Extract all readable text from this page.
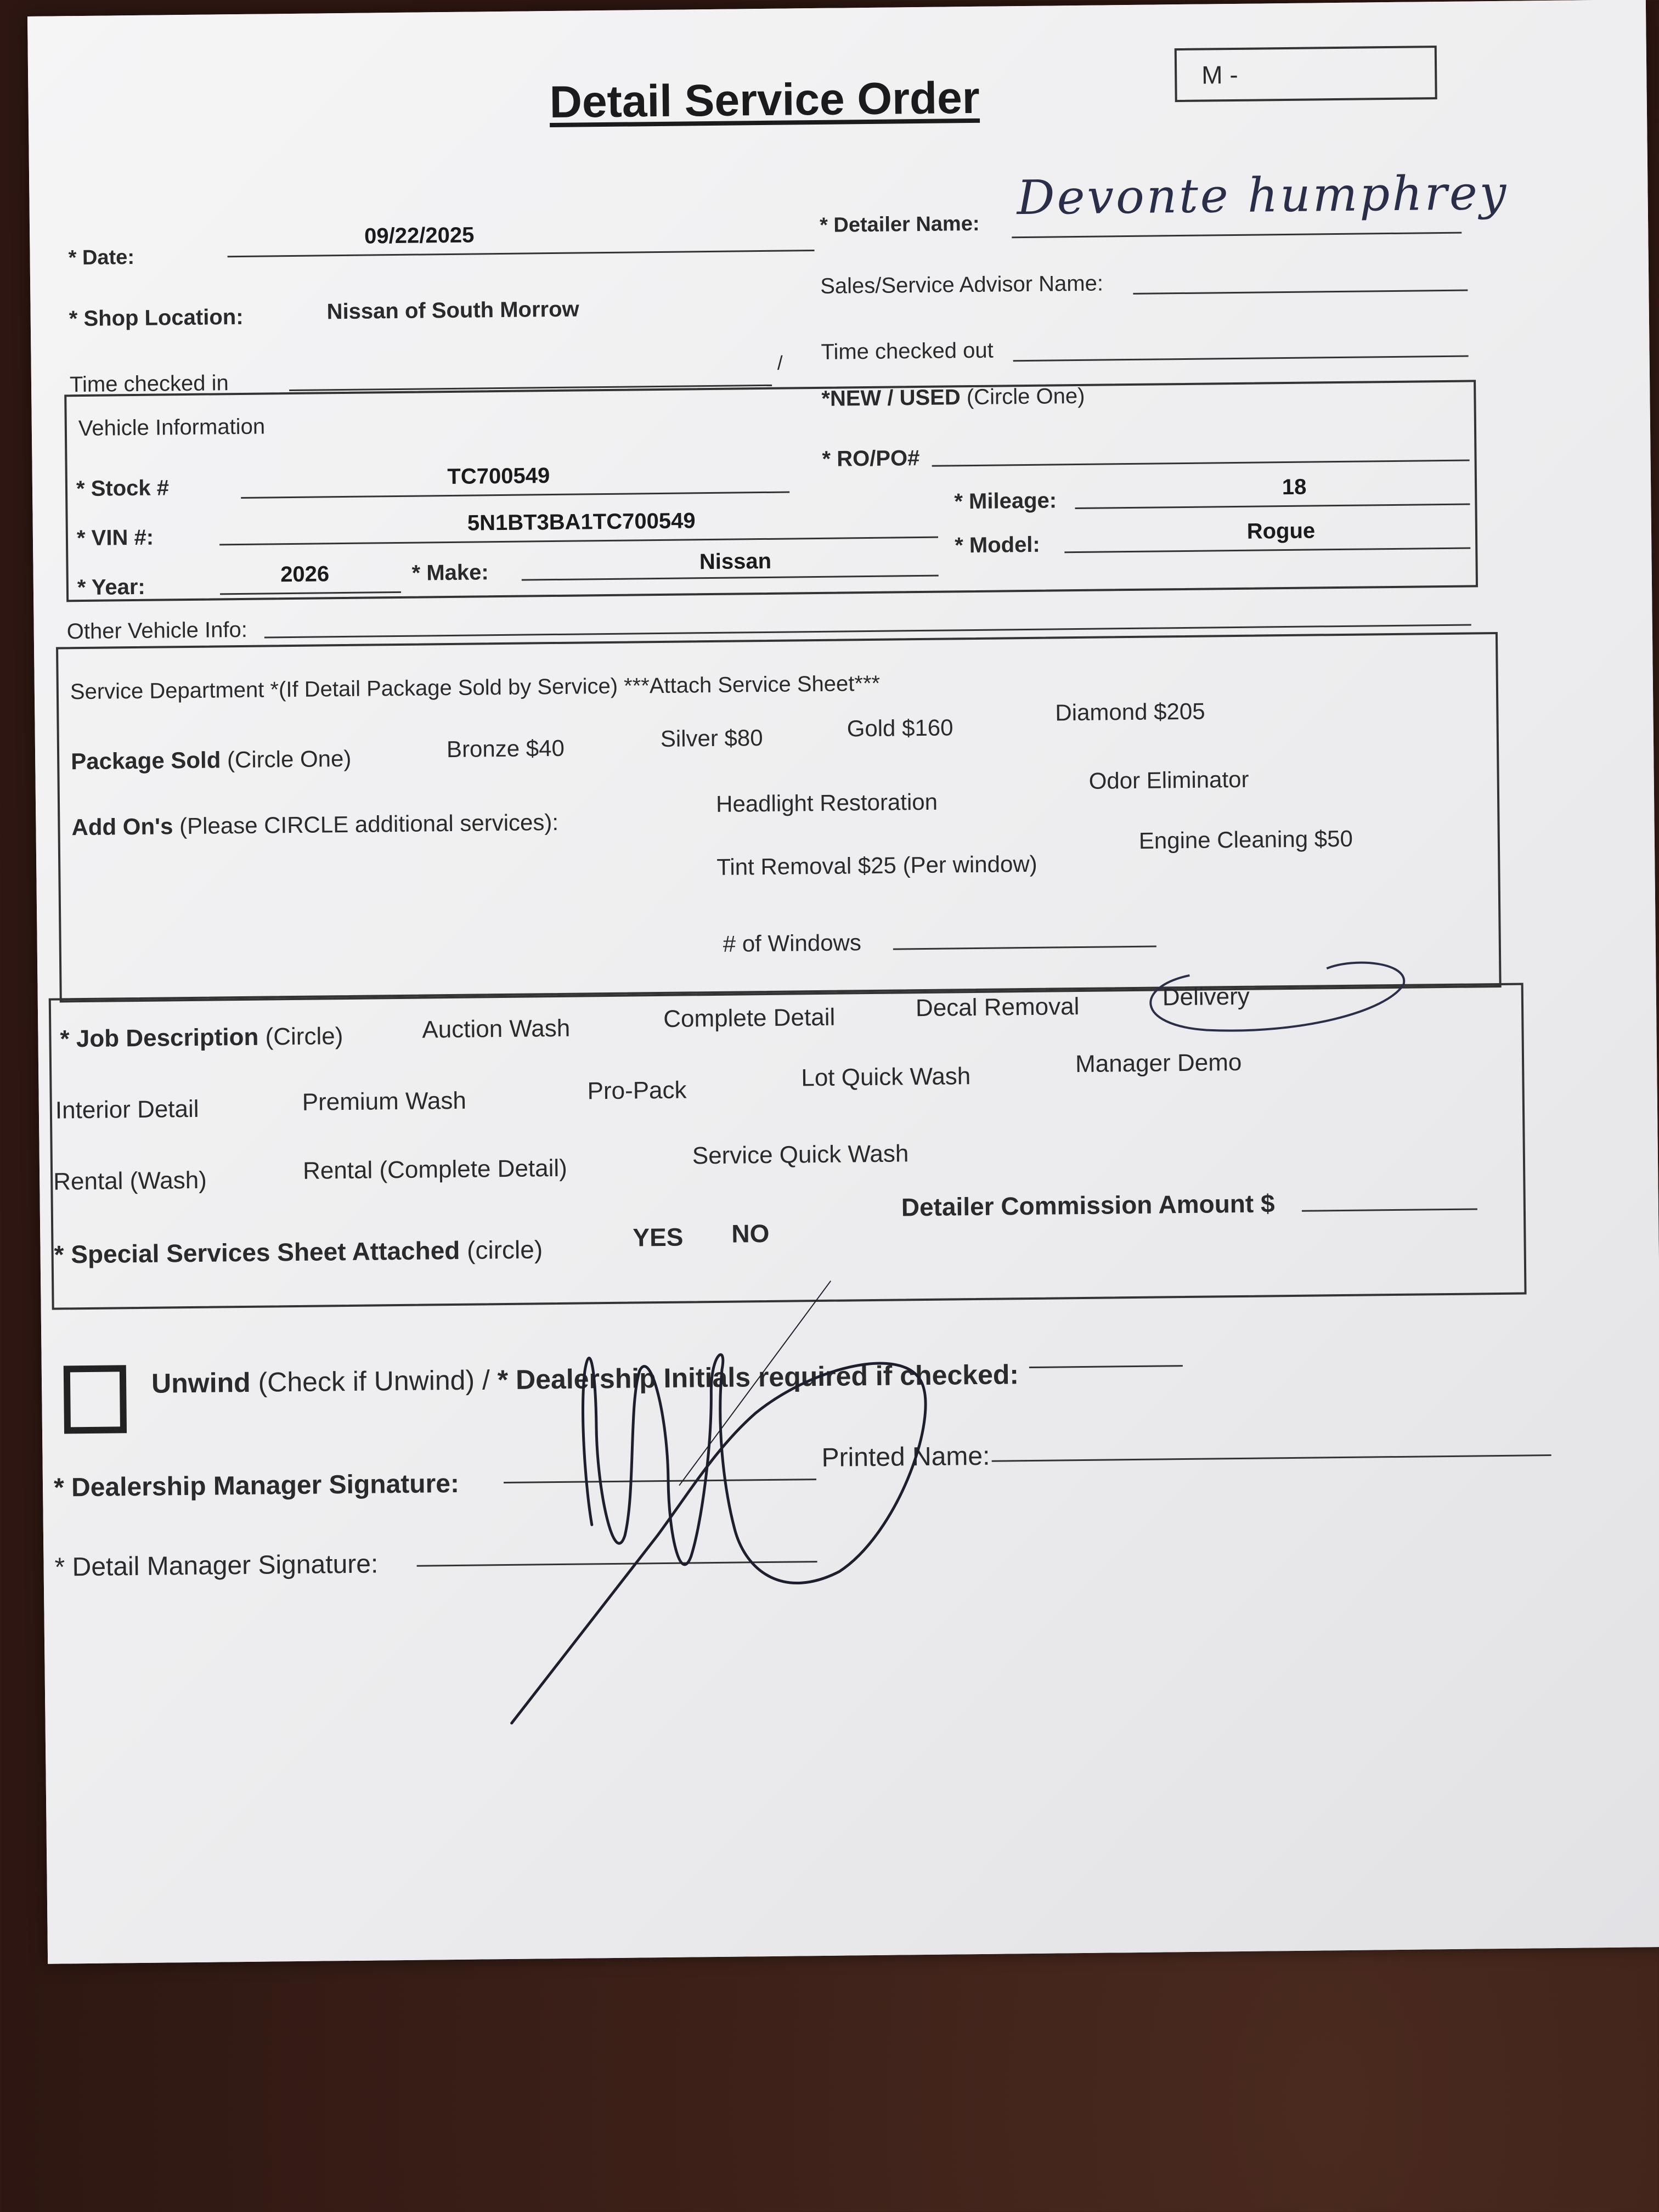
Detail Service Order	M -
* Date:
09/22/2025	* Detailer Name: Devonte humphrey
* Shop Location:	Nissan of South Morrow
Sales/Service Advisor Name:
Time checked in
/ Time checked out
Vehicle Information
*NEW / USED (Circle One)
* Stock #	TC700549
* RO/PO#
* VIN #:
5N1BT3BA1TC700549
* Mileage:
18
* Year:
2026	* Make:	Nissan
* Model:
Rogue
Other Vehicle Info:
Service Department *(If Detail Package Sold by Service) ***Attach Service Sheet***
Package Sold (Circle One)	Bronze $40	Silver $80	Gold $160
Diamond $205
Add On's (Please CIRCLE additional services):
Headlight Restoration
Odor Eliminator
Tint Removal $25 (Per window)
Engine Cleaning $50
# of Windows
* Job Description (Circle)	Auction Wash	Complete Detail	Decal Removal	Delivery
Interior Detail	Premium Wash	Pro-Pack	Lot Quick Wash	Manager Demo
Rental (Wash)	Rental (Complete Detail)	Service Quick Wash
* Special Services Sheet Attached (circle)	YES NO
Detailer Commission Amount $
Unwind (Check if Unwind) / * Dealership Initials required if checked:
* Dealership Manager Signature:
Printed Name:
* Detail Manager Signature:
